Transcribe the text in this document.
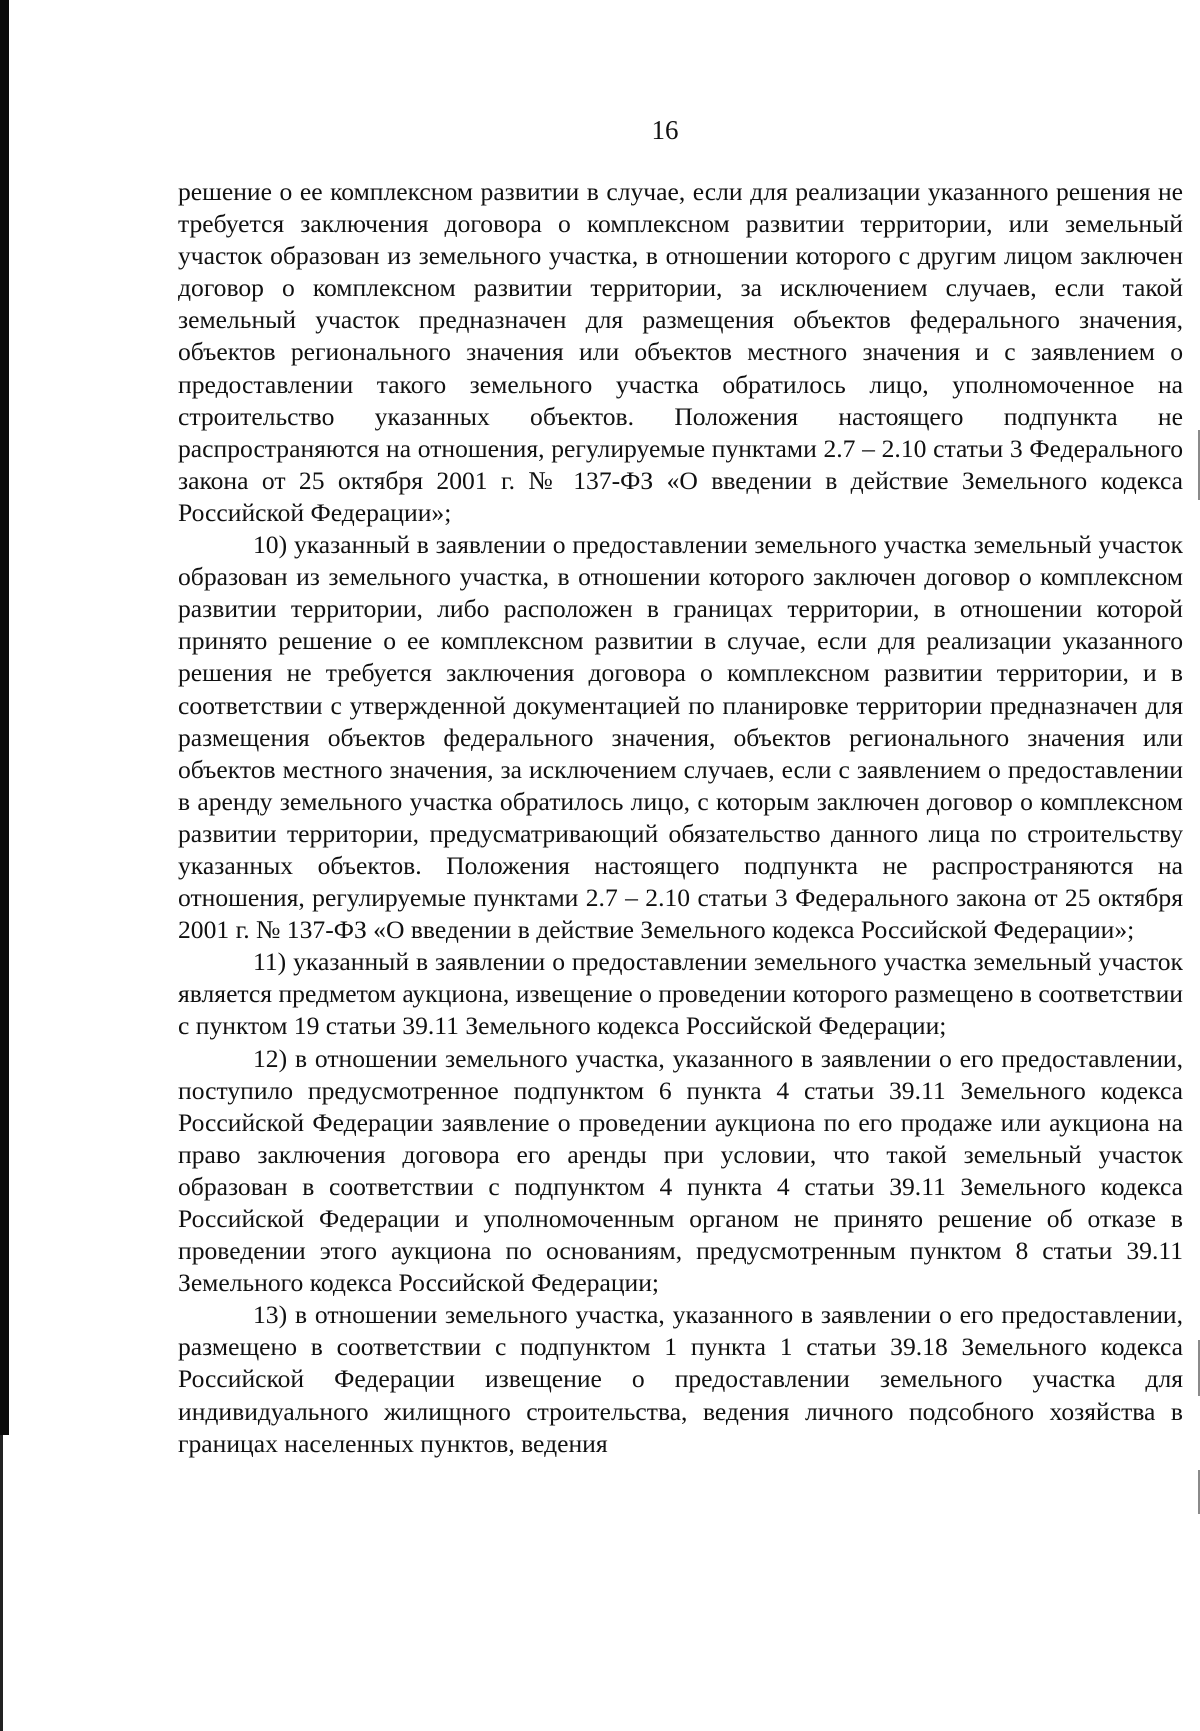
16

решение о ее комплексном развитии в случае, если для реализации указанного решения не требуется заключения договора о комплексном развитии территории, или земельный участок образован из земельного участка, в отношении которого с другим лицом заключен договор о комплексном развитии территории, за исключением случаев, если такой земельный участок предназначен для размещения объектов федерального значения, объектов регионального значения или объектов местного значения и с заявлением о предоставлении такого земельного участка обратилось лицо, уполномоченное на строительство указанных объектов. Положения настоящего подпункта не распространяются на отношения, регулируемые пунктами 2.7 – 2.10 статьи 3 Федерального закона от 25 октября 2001 г. № 137-ФЗ «О введении в действие Земельного кодекса Российской Федерации»;

10) указанный в заявлении о предоставлении земельного участка земельный участок образован из земельного участка, в отношении которого заключен договор о комплексном развитии территории, либо расположен в границах территории, в отношении которой принято решение о ее комплексном развитии в случае, если для реализации указанного решения не требуется заключения договора о комплексном развитии территории, и в соответствии с утвержденной документацией по планировке территории предназначен для размещения объектов федерального значения, объектов регионального значения или объектов местного значения, за исключением случаев, если с заявлением о предоставлении в аренду земельного участка обратилось лицо, с которым заключен договор о комплексном развитии территории, предусматривающий обязательство данного лица по строительству указанных объектов. Положения настоящего подпункта не распространяются на отношения, регулируемые пунктами 2.7 – 2.10 статьи 3 Федерального закона от 25 октября 2001 г. № 137-ФЗ «О введении в действие Земельного кодекса Российской Федерации»;

11) указанный в заявлении о предоставлении земельного участка земельный участок является предметом аукциона, извещение о проведении которого размещено в соответствии с пунктом 19 статьи 39.11 Земельного кодекса Российской Федерации;

12) в отношении земельного участка, указанного в заявлении о его предоставлении, поступило предусмотренное подпунктом 6 пункта 4 статьи 39.11 Земельного кодекса Российской Федерации заявление о проведении аукциона по его продаже или аукциона на право заключения договора его аренды при условии, что такой земельный участок образован в соответствии с подпунктом 4 пункта 4 статьи 39.11 Земельного кодекса Российской Федерации и уполномоченным органом не принято решение об отказе в проведении этого аукциона по основаниям, предусмотренным пунктом 8 статьи 39.11 Земельного кодекса Российской Федерации;

13) в отношении земельного участка, указанного в заявлении о его предоставлении, размещено в соответствии с подпунктом 1 пункта 1 статьи 39.18 Земельного кодекса Российской Федерации извещение о предоставлении земельного участка для индивидуального жилищного строительства, ведения личного подсобного хозяйства в границах населенных пунктов, ведения
